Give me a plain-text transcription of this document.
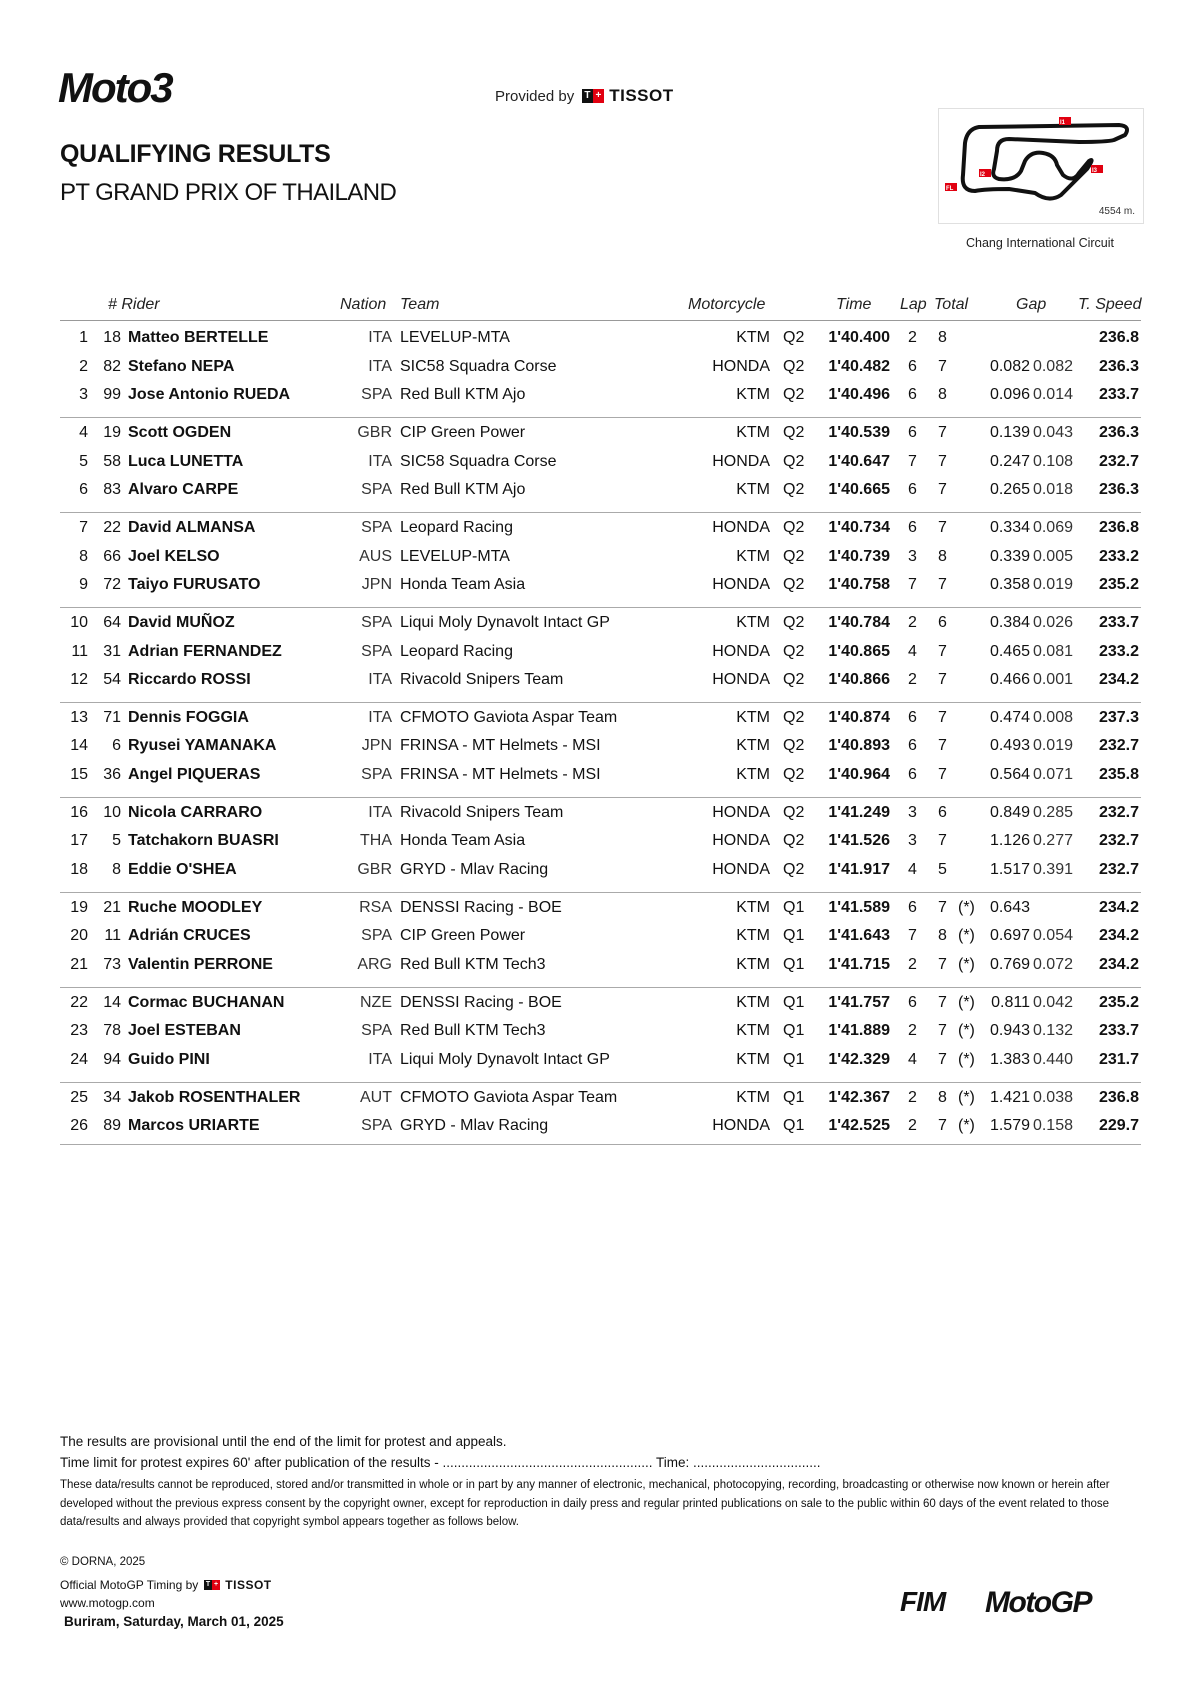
Moto3	Provided by T + TISSOT
QUALIFYING RESULTS
PT GRAND PRIX OF THAILAND
I1
I2
I3
FL
4554 m.
Chang International Circuit
# Rider	Nation Team	Motorcycle	Time Lap Total	Gap T. Speed
1 18 Matteo BERTELLE	ITA LEVELUP-MTA	KTM Q2 1'40.400 2 8	236.8
2 82 Stefano NEPA	ITA SIC58 Squadra Corse	HONDA Q2 1'40.482 6 7	0.082 0.082 236.3
3 99 Jose Antonio RUEDA	SPA Red Bull KTM Ajo	KTM Q2 1'40.496 6 8	0.096 0.014 233.7
4 19 Scott OGDEN	GBR CIP Green Power	KTM Q2 1'40.539 6 7	0.139 0.043 236.3
5 58 Luca LUNETTA	ITA SIC58 Squadra Corse	HONDA Q2 1'40.647 7 7	0.247 0.108 232.7
6 83 Alvaro CARPE	SPA Red Bull KTM Ajo	KTM Q2 1'40.665 6 7	0.265 0.018 236.3
7 22 David ALMANSA	SPA Leopard Racing	HONDA Q2 1'40.734 6 7	0.334 0.069 236.8
8 66 Joel KELSO	AUS LEVELUP-MTA	KTM Q2 1'40.739 3 8	0.339 0.005 233.2
9 72 Taiyo FURUSATO	JPN Honda Team Asia	HONDA Q2 1'40.758 7 7	0.358 0.019 235.2
10 64 David MUÑOZ	SPA Liqui Moly Dynavolt Intact GP	KTM Q2 1'40.784 2 6	0.384 0.026 233.7
11 31 Adrian FERNANDEZ	SPA Leopard Racing	HONDA Q2 1'40.865 4 7	0.465 0.081 233.2
12 54 Riccardo ROSSI	ITA Rivacold Snipers Team	HONDA Q2 1'40.866 2 7	0.466 0.001 234.2
13 71 Dennis FOGGIA	ITA CFMOTO Gaviota Aspar Team	KTM Q2 1'40.874 6 7	0.474 0.008 237.3
14 6 Ryusei YAMANAKA	JPN FRINSA - MT Helmets - MSI	KTM Q2 1'40.893 6 7	0.493 0.019 232.7
15 36 Angel PIQUERAS	SPA FRINSA - MT Helmets - MSI	KTM Q2 1'40.964 6 7	0.564 0.071 235.8
16 10 Nicola CARRARO	ITA Rivacold Snipers Team	HONDA Q2 1'41.249 3 6	0.849 0.285 232.7
17 5 Tatchakorn BUASRI	THA Honda Team Asia	HONDA Q2 1'41.526 3 7	1.126 0.277 232.7
18 8 Eddie O'SHEA	GBR GRYD - Mlav Racing	HONDA Q2 1'41.917 4 5	1.517 0.391 232.7
19 21 Ruche MOODLEY	RSA DENSSI Racing - BOE	KTM Q1 1'41.589 6 7 (*) 0.643	234.2
20 11 Adrián CRUCES	SPA CIP Green Power	KTM Q1 1'41.643 7 8 (*) 0.697 0.054 234.2
21 73 Valentin PERRONE	ARG Red Bull KTM Tech3	KTM Q1 1'41.715 2 7 (*) 0.769 0.072 234.2
22 14 Cormac BUCHANAN	NZE DENSSI Racing - BOE	KTM Q1 1'41.757 6 7 (*) 0.811 0.042 235.2
23 78 Joel ESTEBAN	SPA Red Bull KTM Tech3	KTM Q1 1'41.889 2 7 (*) 0.943 0.132 233.7
24 94 Guido PINI	ITA Liqui Moly Dynavolt Intact GP	KTM Q1 1'42.329 4 7 (*) 1.383 0.440 231.7
25 34 Jakob ROSENTHALER	AUT CFMOTO Gaviota Aspar Team	KTM Q1 1'42.367 2 8 (*) 1.421 0.038 236.8
26 89 Marcos URIARTE	SPA GRYD - Mlav Racing	HONDA Q1 1'42.525 2 7 (*) 1.579 0.158 229.7
The results are provisional until the end of the limit for protest and appeals.
Time limit for protest expires 60' after publication of the results - ........................................................ Time: ..................................
These data/results cannot be reproduced, stored and/or transmitted in whole or in part by any manner of electronic, mechanical, photocopying, recording, broadcasting or otherwise now known or herein after developed without the previous express consent by the copyright owner, except for reproduction in daily press and regular printed publications on sale to the public within 60 days of the event related to those data/results and always provided that copyright symbol appears together as follows below.
© DORNA, 2025
Official MotoGP Timing by T + TISSOT
www.motogp.com
Buriram, Saturday, March 01, 2025
FIM MotoGP
